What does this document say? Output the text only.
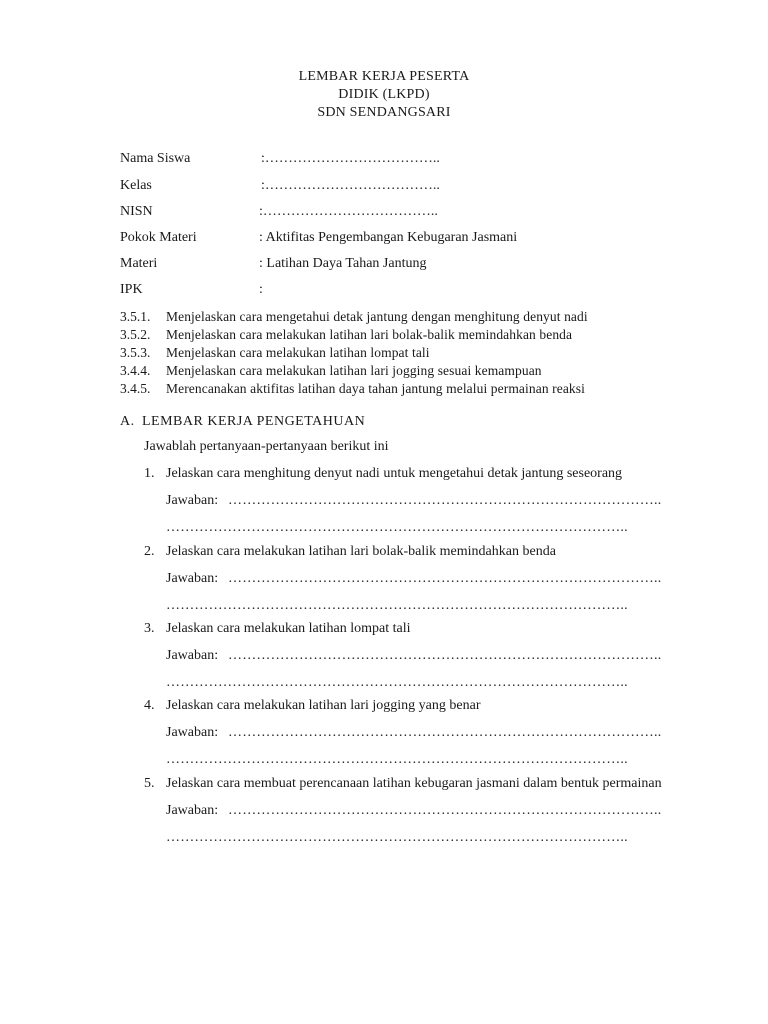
LEMBAR KERJA PESERTA
DIDIK (LKPD)
SDN SENDANGSARI
Nama Siswa	:………………………………..
Kelas	:………………………………..
NISN	:………………………………..
Pokok Materi	: Aktifitas Pengembangan Kebugaran Jasmani
Materi	: Latihan Daya Tahan Jantung
IPK	:
3.5.1. Menjelaskan cara mengetahui detak jantung dengan menghitung denyut nadi
3.5.2. Menjelaskan cara melakukan latihan lari bolak-balik memindahkan benda
3.5.3. Menjelaskan cara melakukan latihan lompat tali
3.4.4. Menjelaskan cara melakukan latihan lari jogging sesuai kemampuan
3.4.5. Merencanakan aktifitas latihan daya tahan jantung melalui permainan reaksi
A. LEMBAR KERJA PENGETAHUAN
Jawablah pertanyaan-pertanyaan berikut ini
1. Jelaskan cara menghitung denyut nadi untuk mengetahui detak jantung seseorang
Jawaban: ………………………………………………………………………………..
……………………………………………………………………………………..
2. Jelaskan cara melakukan latihan lari bolak-balik memindahkan benda
Jawaban: ………………………………………………………………………………..
……………………………………………………………………………………..
3. Jelaskan cara melakukan latihan lompat tali
Jawaban: ………………………………………………………………………………..
……………………………………………………………………………………..
4. Jelaskan cara melakukan latihan lari jogging yang benar
Jawaban: ………………………………………………………………………………..
……………………………………………………………………………………..
5. Jelaskan cara membuat perencanaan latihan kebugaran jasmani dalam bentuk permainan
Jawaban: ………………………………………………………………………………..
……………………………………………………………………………………..
